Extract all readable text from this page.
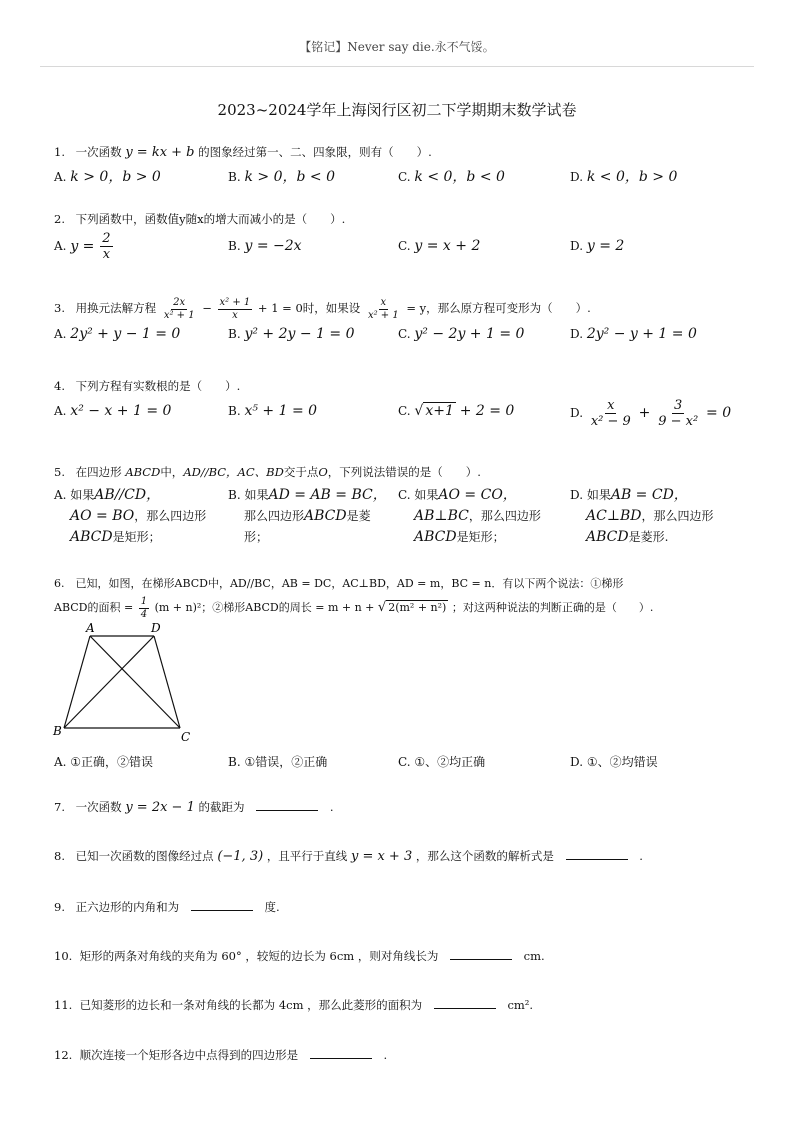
【铭记】Never say die.永不气馁。
2023~2024学年上海闵行区初二下学期期末数学试卷
1. 一次函数 y = kx + b 的图象经过第一、二、四象限，则有（　　）.
A. k > 0，b > 0	B. k > 0，b < 0	C. k < 0，b < 0	D. k < 0，b > 0
2. 下列函数中，函数值y随x的增大而减小的是（　　）.
A. $y = \frac{2}{x}$	B. y = −2x	C. y = x + 2	D. y = 2
3. 用换元法解方程 $\frac{2x}{\text{x² + 1}} - \frac{\text{x² + 1}}{x} + 1 = 0$时，如果设 $\frac{x}{\text{x² + 1}} = y$，那么原方程可变形为（　　）.
A. 2y² + y − 1 = 0	B. y² + 2y − 1 = 0	C. y² − 2y + 1 = 0	D. 2y² − y + 1 = 0
4. 下列方程有实数根的是（　　）.
A. x² − x + 1 = 0	B. x⁵ + 1 = 0	C. √ x+1 + 2 = 0	D. $\frac{x}{\text{x² − 9}} + \frac{3}{\text{9 − x²}} = 0$
5. 在四边形 ABCD中，AD//BC，AC、BD交于点O，下列说法错误的是（　　）.
A. 如果AB//CD，
AO = BO，那么四边形
ABCD是矩形；
B. 如果AD = AB = BC，
那么四边形ABCD是菱
形；
C. 如果AO = CO，
AB⊥BC，那么四边形
ABCD是矩形；
D. 如果AB = CD，
AC⊥BD，那么四边形
ABCD是菱形.
6. 已知，如图，在梯形ABCD中，AD//BC，AB = DC，AC⊥BD，AD = m，BC = n．有以下两个说法：①梯形
ABCD的面积 = $\frac{1}{4} (m + n)^2$；②梯形ABCD的周长 = m + n + √ 2(m² + n²) ；对这两种说法的判断正确的是（　　）.
A	D
B	C
A. ①正确，②错误	B. ①错误，②正确	C. ①、②均正确	D. ①、②均错误
7. 一次函数 y = 2x − 1 的截距为	.
8. 已知一次函数的图像经过点 (−1, 3) ，且平行于直线 y = x + 3 ，那么这个函数的解析式是	.
9. 正六边形的内角和为	度.
10. 矩形的两条对角线的夹角为 60° ，较短的边长为 6cm ，则对角线长为	cm.
11. 已知菱形的边长和一条对角线的长都为 4cm ，那么此菱形的面积为	cm².
12. 顺次连接一个矩形各边中点得到的四边形是	.
